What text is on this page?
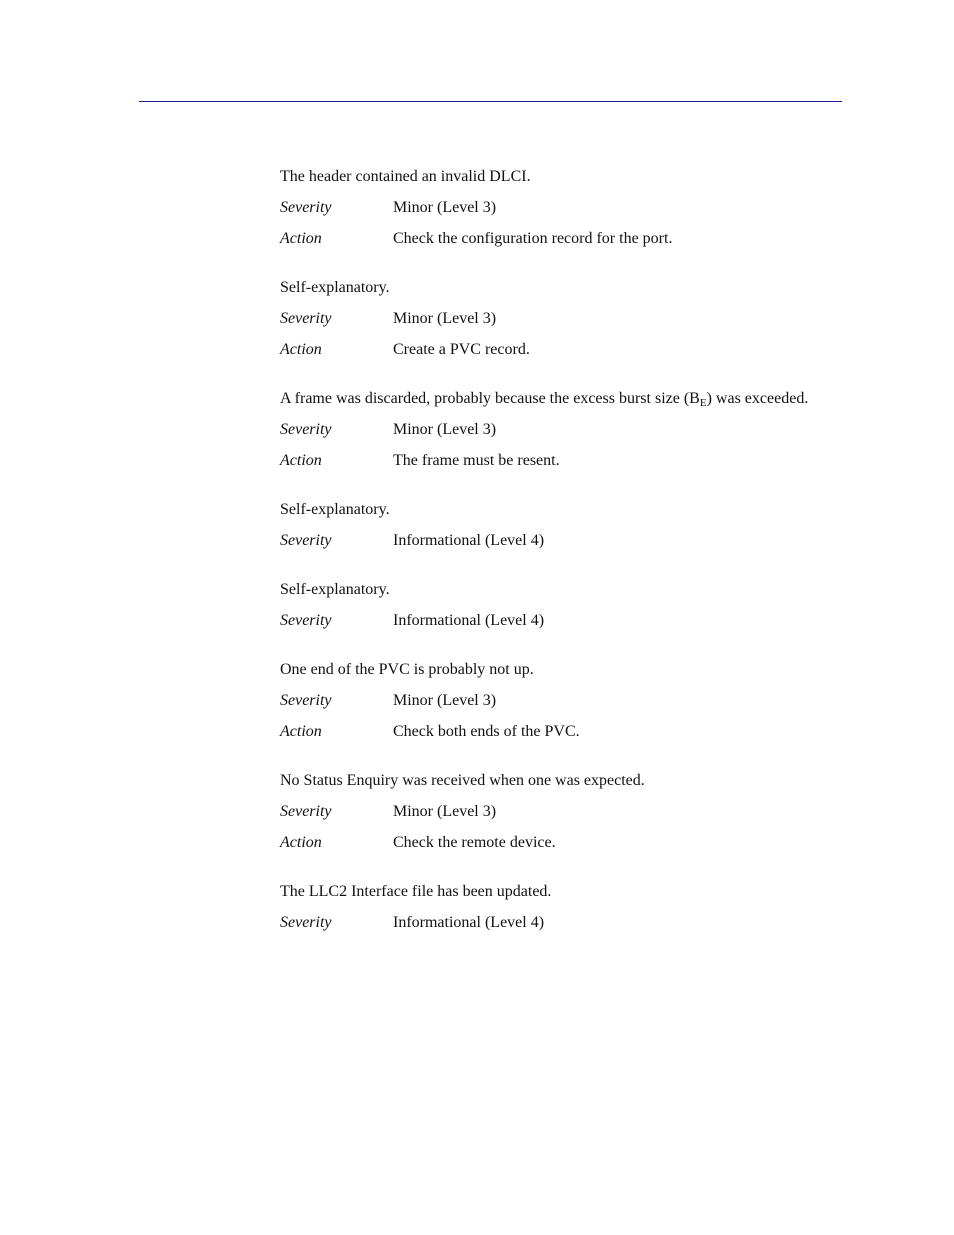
The header contained an invalid DLCI.
Severity	Minor (Level 3)
Action	Check the configuration record for the port.
Self-explanatory.
Severity	Minor (Level 3)
Action	Create a PVC record.
A frame was discarded, probably because the excess burst size $(B_E)$ was exceeded.
Severity	Minor (Level 3)
Action	The frame must be resent.
Self-explanatory.
Severity	Informational (Level 4)
Self-explanatory.
Severity	Informational (Level 4)
One end of the PVC is probably not up.
Severity	Minor (Level 3)
Action	Check both ends of the PVC.
No Status Enquiry was received when one was expected.
Severity	Minor (Level 3)
Action	Check the remote device.
The LLC2 Interface file has been updated.
Severity	Informational (Level 4)
